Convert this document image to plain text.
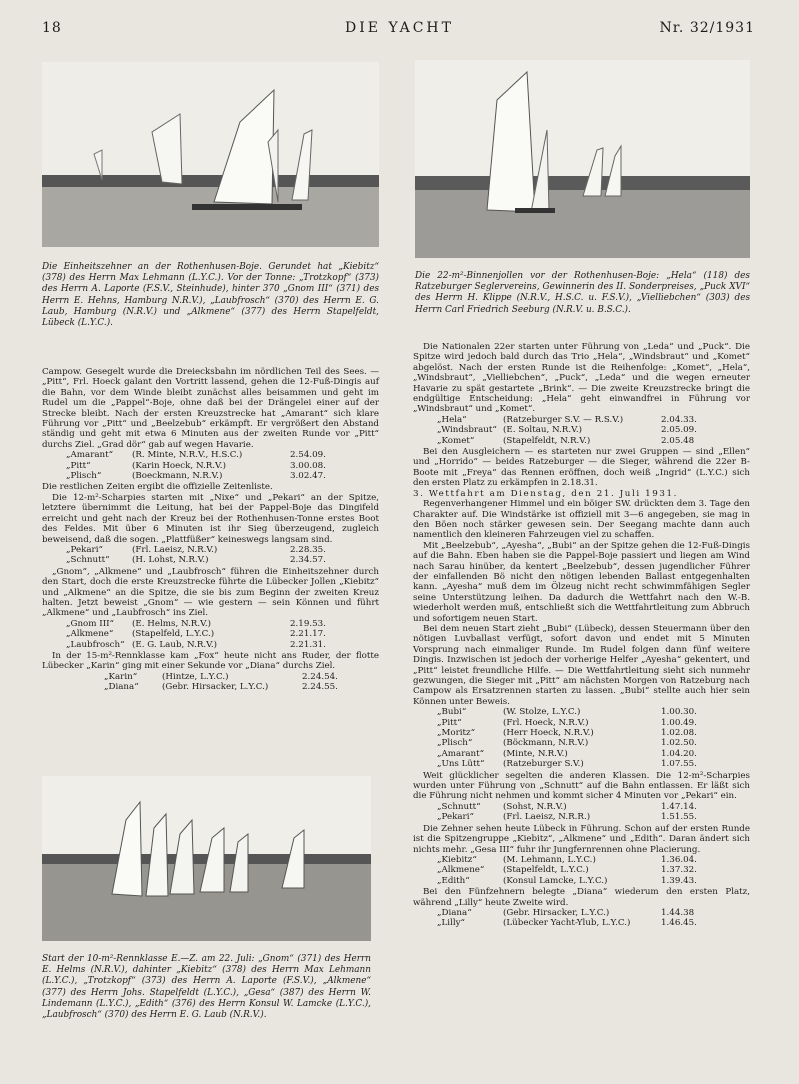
18	DIE YACHT	Nr. 32/1931
Die Einheitszehner an der Rothenhusen-Boje. Gerundet hat „Kiebitz“ (378) des Herrn Max Lehmann (L.Y.C.). Vor der Tonne: „Trotzkopf“ (373) des Herrn A. Laporte (F.S.V., Steinhude), hinter 370 „Gnom III“ (371) des Herrn E. Hehns, Hamburg N.R.V.), „Laubfrosch“ (370) des Herrn E. G. Laub, Hamburg (N.R.V.) und „Alkmene“ (377) des Herrn Stapelfeldt, Lübeck (L.Y.C.).
Die 22-m²-Binnenjollen vor der Rothenhusen-Boje: „Hela“ (118) des Ratzeburger Seglervereins, Gewinnerin des II. Sonderpreises, „Puck XVI“ des Herrn H. Klippe (N.R.V., H.S.C. u. F.S.V.), „Vielliebchen“ (303) des Herrn Carl Friedrich Seeburg (N.R.V. u. B.S.C.).
Start der 10-m²-Rennklasse E.—Z. am 22. Juli: „Gnom“ (371) des Herrn E. Helms (N.R.V.), dahinter „Kiebitz“ (378) des Herrn Max Lehmann (L.Y.C.), „Trotzkopf“ (373) des Herrn A. Laporte (F.S.V.), „Alkmene“ (377) des Herrn Johs. Stapelfeldt (L.Y.C.), „Gesa“ (387) des Herrn W. Lindemann (L.Y.C.), „Edith“ (376) des Herrn Konsul W. Lamcke (L.Y.C.), „Laubfrosch“ (370) des Herrn E. G. Laub (N.R.V.).

Campow. Gesegelt wurde die Dreiecksbahn im nördlichen Teil des Sees. — „Pitt“, Frl. Hoeck galant den Vortritt lassend, gehen die 12-Fuß-Dingis auf die Bahn, vor dem Winde bleibt zunächst alles beisammen und geht im Rudel um die „Pappel“-Boje, ohne daß bei der Drängelei einer auf der Strecke bleibt. Nach der ersten Kreuzstrecke hat „Amarant“ sich klare Führung vor „Pitt“ und „Beelzebub“ erkämpft. Er vergrößert den Abstand ständig und geht mit etwa 6 Minuten aus der zweiten Runde vor „Pitt“ durchs Ziel. „Grad dör“ gab auf wegen Havarie.

„Amarant“	(R. Minte, N.R.V., H.S.C.)	2.54.09.
„Pitt“	(Karin Hoeck, N.R.V.)	3.00.08.
„Plisch“	(Boeckmann, N.R.V.)	3.02.47.

Die restlichen Zeiten ergibt die offizielle Zeitenliste.

Die 12-m²-Scharpies starten mit „Nixe“ und „Pekari“ an der Spitze, letztere übernimmt die Leitung, hat bei der Pappel-Boje das Dingifeld erreicht und geht nach der Kreuz bei der Rothenhusen-Tonne erstes Boot des Feldes. Mit über 6 Minuten ist ihr Sieg überzeugend, zugleich beweisend, daß die sogen. „Plattfüßer“ keineswegs langsam sind.

„Pekari“	(Frl. Laeisz, N.R.V.)	2.28.35.
„Schnutt“	(H. Lohst, N.R.V.)	2.34.57.

„Gnom“, „Alkmene“ und „Laubfrosch“ führen die Einheitszehner durch den Start, doch die erste Kreuzstrecke führte die Lübecker Jollen „Kiebitz“ und „Alkmene“ an die Spitze, die sie bis zum Beginn der zweiten Kreuz halten. Jetzt beweist „Gnom“ — wie gestern — sein Können und führt „Alkmene“ und „Laubfrosch“ ins Ziel.

„Gnom III“	(E. Helms, N.R.V.)	2.19.53.
„Alkmene“	(Stapelfeld, L.Y.C.)	2.21.17.
„Laubfrosch“ (E. G. Laub, N.R.V.)	2.21.31.

In der 15-m²-Rennklasse kam „Fox“ heute nicht ans Ruder, der flotte Lübecker „Karin“ ging mit einer Sekunde vor „Diana“ durchs Ziel.

„Karin“	(Hintze, L.Y.C.)	2.24.54.
„Diana“	(Gebr. Hirsacker, L.Y.C.)	2.24.55.

Die Nationalen 22er starten unter Führung von „Leda“ und „Puck“. Die Spitze wird jedoch bald durch das Trio „Hela“, „Windsbraut“ und „Komet“ abgelöst. Nach der ersten Runde ist die Reihenfolge: „Komet“, „Hela“, „Windsbraut“, „Vielliebchen“, „Puck“, „Leda“ und die wegen erneuter Havarie zu spät gestartete „Brink“. — Die zweite Kreuzstrecke bringt die endgültige Entscheidung: „Hela“ geht einwandfrei in Führung vor „Windsbraut“ und „Komet“.

„Hela“	(Ratzeburger S.V. — R.S.V.)	2.04.33.
„Windsbraut“ (E. Soltau, N.R.V.)	2.05.09.
„Komet“	(Stapelfeldt, N.R.V.)	2.05.48

Bei den Ausgleichern — es starteten nur zwei Gruppen — sind „Ellen“ und „Horrido“ — beides Ratzeburger — die Sieger, während die 22er B-Boote mit „Freya“ das Rennen eröffnen, doch weiß „Ingrid“ (L.Y.C.) sich den ersten Platz zu erkämpfen in 2.18.31.

3. Wettfahrt am Dienstag, den 21. Juli 1931.

Regenverhangener Himmel und ein böiger SW. drückten dem 3. Tage den Charakter auf. Die Windstärke ist offiziell mit 3—6 angegeben, sie mag in den Böen noch stärker gewesen sein. Der Seegang machte dann auch namentlich den kleineren Fahrzeugen viel zu schaffen.

Mit „Beelzebub“, „Ayesha“, „Bubi“ an der Spitze gehen die 12-Fuß-Dingis auf die Bahn. Eben haben sie die Pappel-Boje passiert und liegen am Wind nach Sarau hinüber, da kentert „Beelzebub“, dessen jugendlicher Führer der einfallenden Bö nicht den nötigen lebenden Ballast entgegenhalten kann. „Ayesha“ muß dem im Ölzeug nicht recht schwimmfähigen Segler seine Unterstützung leihen. Da dadurch die Wettfahrt nach den W.-B. wiederholt werden muß, entschließt sich die Wettfahrtleitung zum Abbruch und sofortigem neuen Start.

Bei dem neuen Start zieht „Bubi“ (Lübeck), dessen Steuermann über den nötigen Luvballast verfügt, sofort davon und endet mit 5 Minuten Vorsprung nach einmaliger Runde. Im Rudel folgen dann fünf weitere Dingis. Inzwischen ist jedoch der vorherige Helfer „Ayesha“ gekentert, und „Pitt“ leistet freundliche Hilfe. — Die Wettfahrtleitung sieht sich nunmehr gezwungen, die Sieger mit „Pitt“ am nächsten Morgen von Ratzeburg nach Campow als Ersatzrennen starten zu lassen. „Bubi“ stellte auch hier sein Können unter Beweis.

„Bubi“	(W. Stolze, L.Y.C.)	1.00.30.
„Pitt“	(Frl. Hoeck, N.R.V.)	1.00.49.
„Moritz“	(Herr Hoeck, N.R.V.)	1.02.08.
„Plisch“	(Böckmann, N.R.V.)	1.02.50.
„Amarant“	(Minte, N.R.V.)	1.04.20.
„Uns Lütt“	(Ratzeburger S.V.)	1.07.55.

Weit glücklicher segelten die anderen Klassen. Die 12-m²-Scharpies wurden unter Führung von „Schnutt“ auf die Bahn entlassen. Er läßt sich die Führung nicht nehmen und kommt sicher 4 Minuten vor „Pekari“ ein.

„Schnutt“	(Sohst, N.R.V.)	1.47.14.
„Pekari“	(Frl. Laeisz, N.R.R.)	1.51.55.

Die Zehner sehen heute Lübeck in Führung. Schon auf der ersten Runde ist die Spitzengruppe „Kiebitz“, „Alkmene“ und „Edith“. Daran ändert sich nichts mehr. „Gesa III“ fuhr ihr Jungfernrennen ohne Placierung.

„Kiebitz“	(M. Lehmann, L.Y.C.)	1.36.04.
„Alkmene“	(Stapelfeldt, L.Y.C.)	1.37.32.
„Edith“	(Konsul Lamcke, L.Y.C.)	1.39.43.

Bei den Fünfzehnern belegte „Diana“ wiederum den ersten Platz, während „Lilly“ heute Zweite wird.

„Diana“	(Gebr. Hirsacker, L.Y.C.)	1.44.38
„Lilly“	(Lübecker Yacht-Ylub, L.Y.C.)	1.46.45.
